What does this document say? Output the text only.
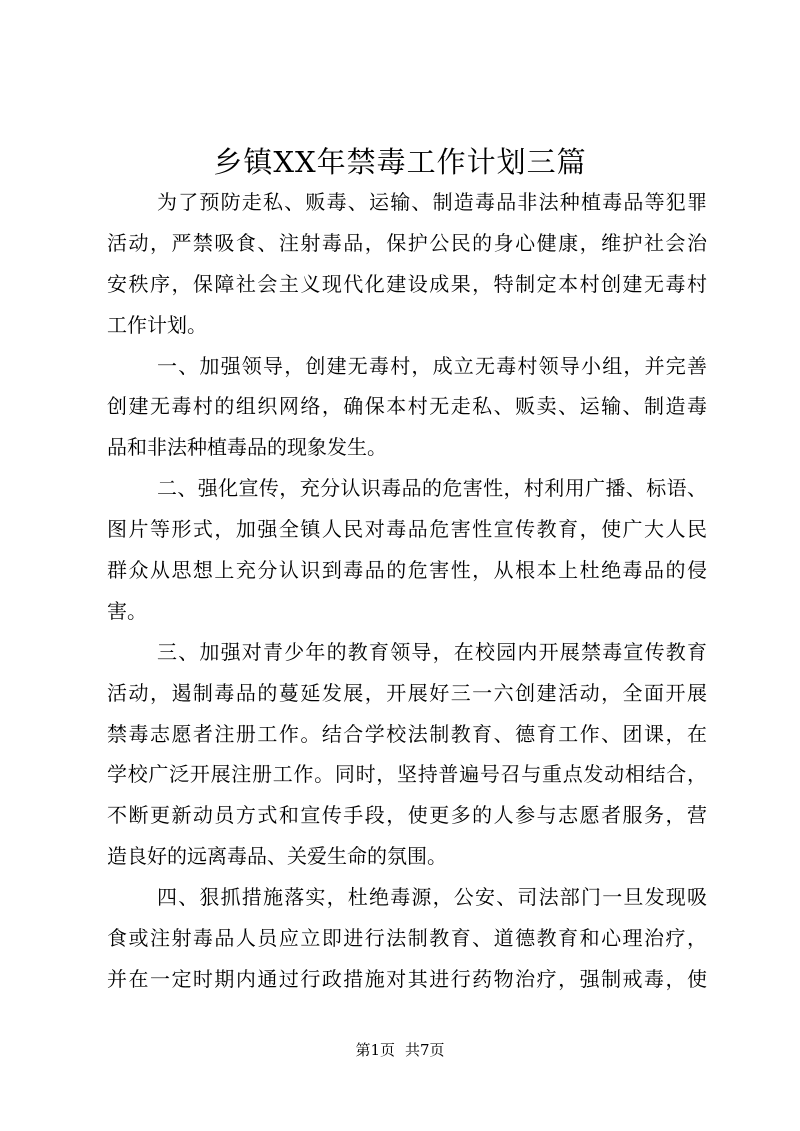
乡镇XX年禁毒工作计划三篇
为了预防走私、贩毒、运输、制造毒品非法种植毒品等犯罪
活动，严禁吸食、注射毒品，保护公民的身心健康，维护社会治
安秩序，保障社会主义现代化建设成果，特制定本村创建无毒村
工作计划。
一、加强领导，创建无毒村，成立无毒村领导小组，并完善
创建无毒村的组织网络，确保本村无走私、贩卖、运输、制造毒
品和非法种植毒品的现象发生。
二、强化宣传，充分认识毒品的危害性，村利用广播、标语、
图片等形式，加强全镇人民对毒品危害性宣传教育，使广大人民
群众从思想上充分认识到毒品的危害性，从根本上杜绝毒品的侵
害。
三、加强对青少年的教育领导，在校园内开展禁毒宣传教育
活动，遏制毒品的蔓延发展，开展好三一六创建活动，全面开展
禁毒志愿者注册工作。结合学校法制教育、德育工作、团课，在
学校广泛开展注册工作。同时，坚持普遍号召与重点发动相结合，
不断更新动员方式和宣传手段，使更多的人参与志愿者服务，营
造良好的远离毒品、关爱生命的氛围。
四、狠抓措施落实，杜绝毒源，公安、司法部门一旦发现吸
食或注射毒品人员应立即进行法制教育、道德教育和心理治疗，
并在一定时期内通过行政措施对其进行药物治疗，强制戒毒，使
第1页 共7页
